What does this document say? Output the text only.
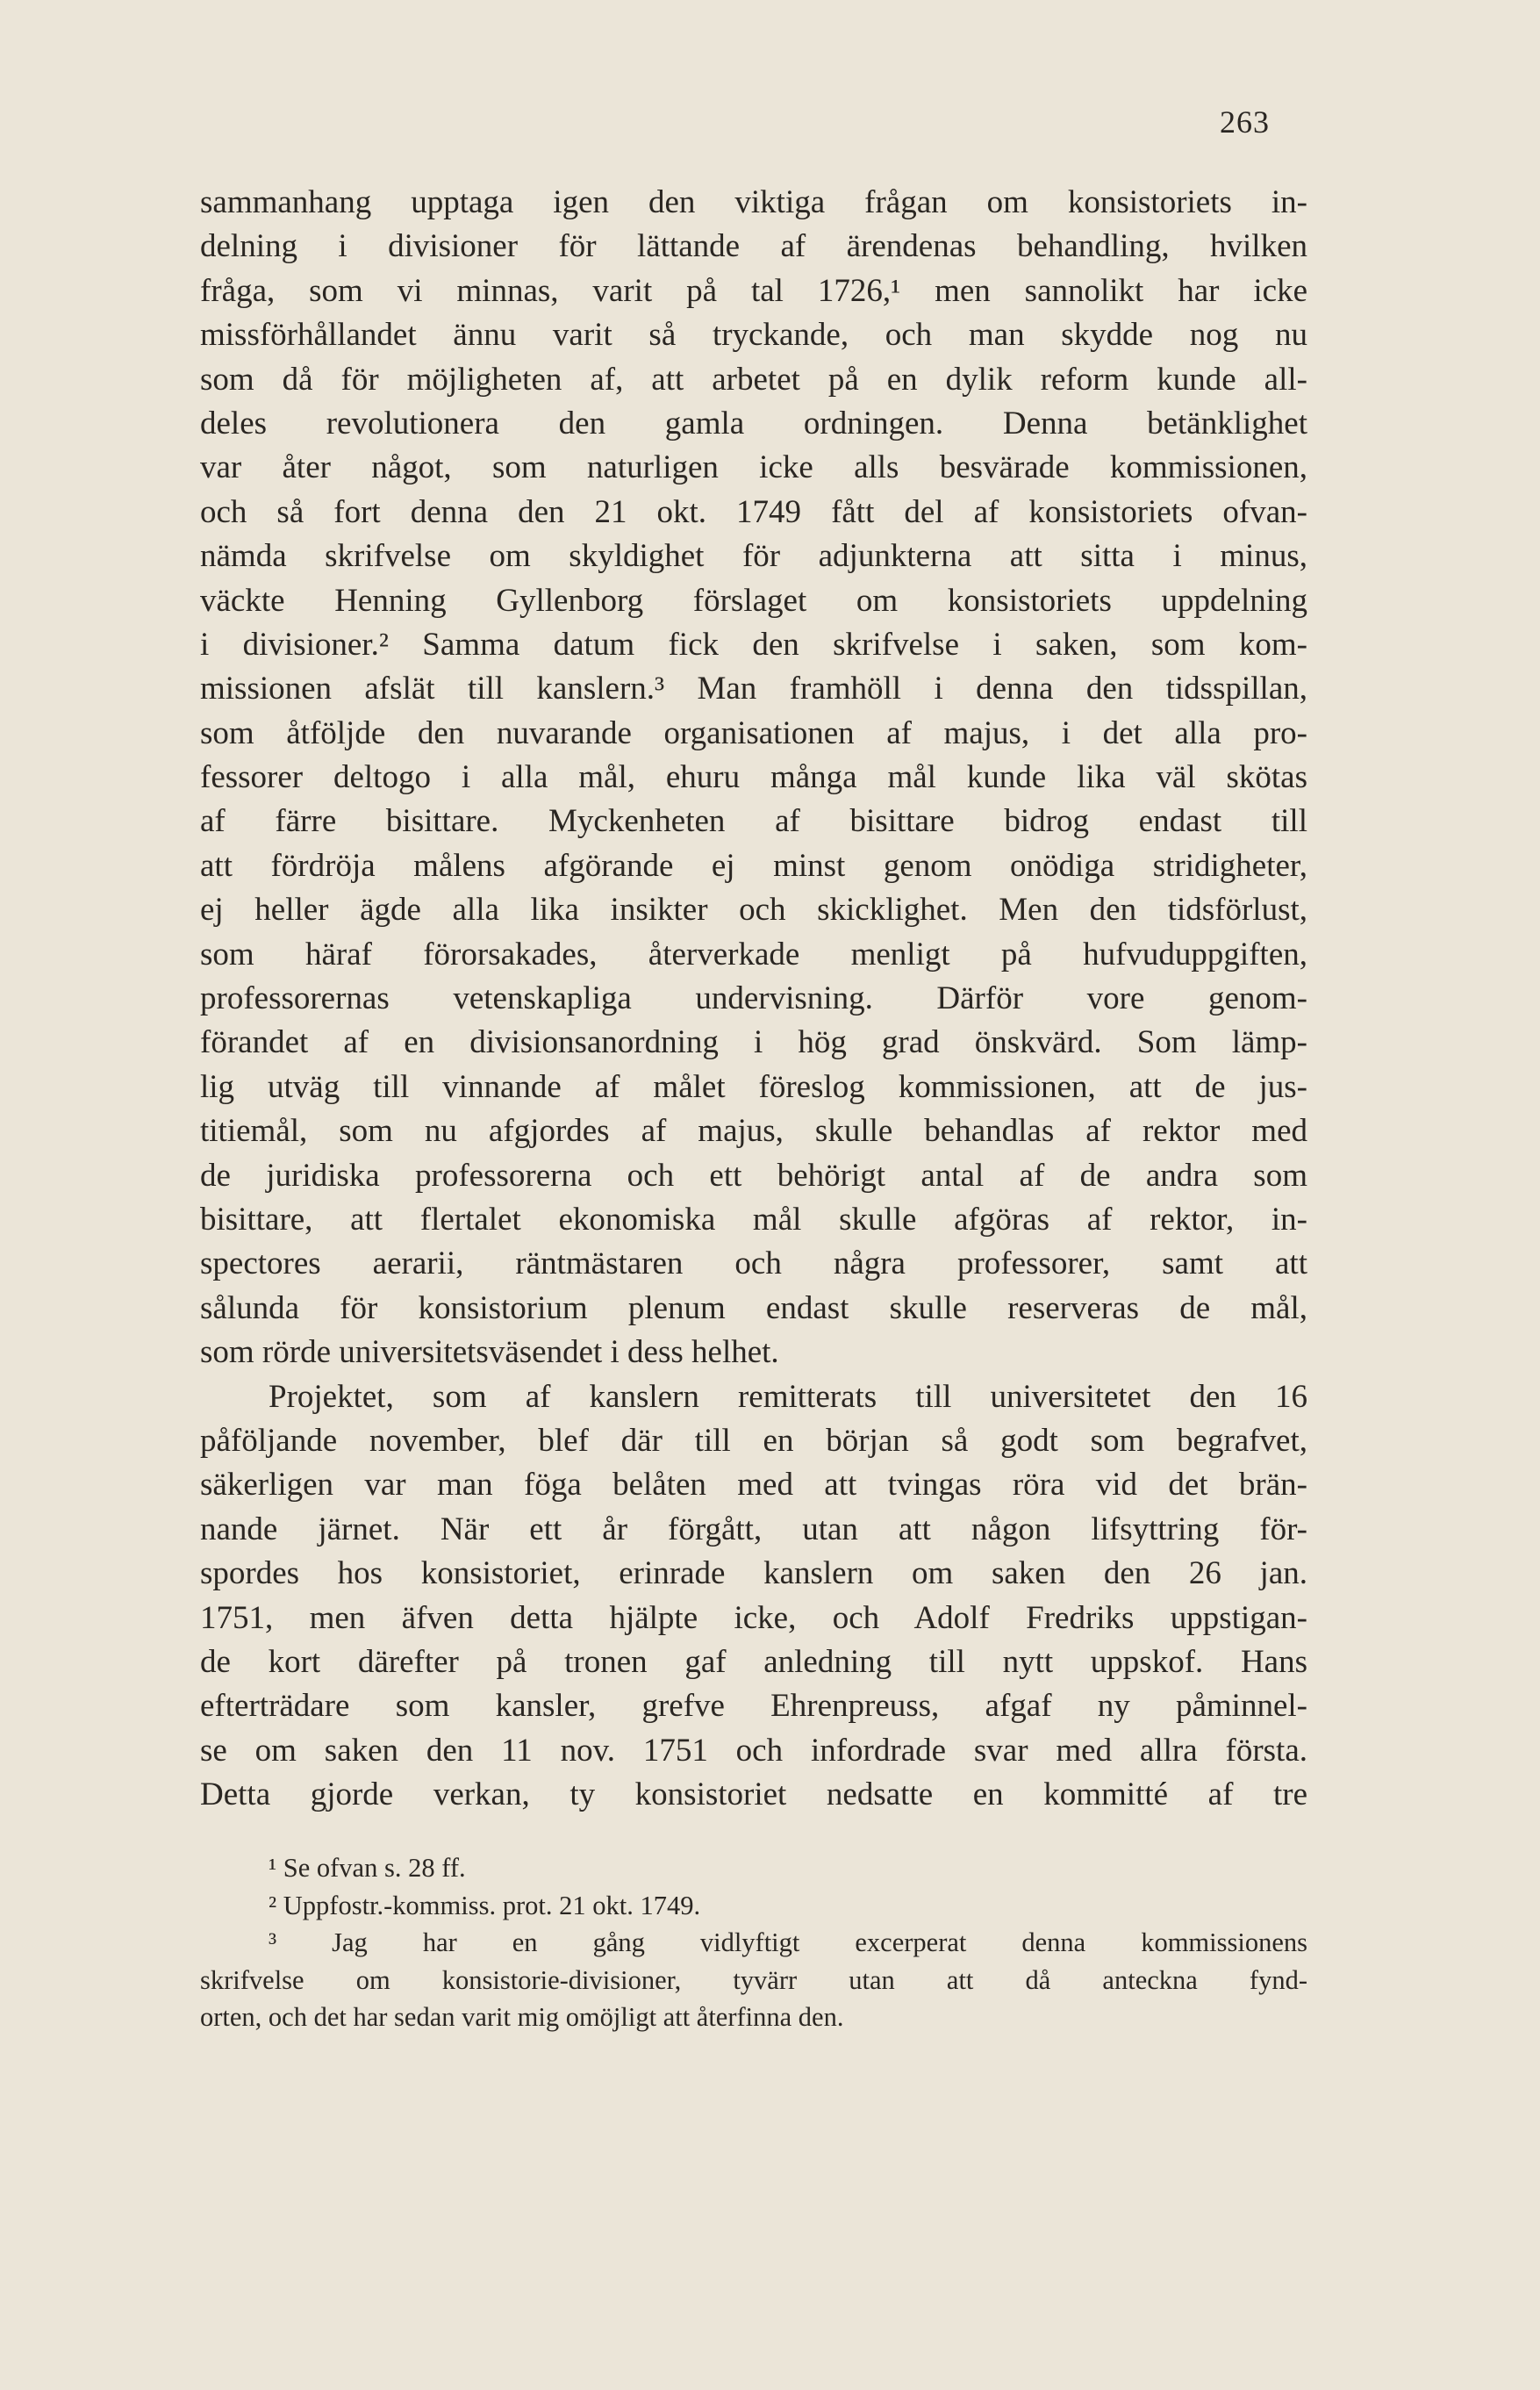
263
sammanhang upptaga igen den viktiga frågan om konsistoriets in-
delning i divisioner för lättande af ärendenas behandling, hvilken
fråga, som vi minnas, varit på tal 1726,¹ men sannolikt har icke
missförhållandet ännu varit så tryckande, och man skydde nog nu
som då för möjligheten af, att arbetet på en dylik reform kunde all-
deles revolutionera den gamla ordningen. Denna betänklighet
var åter något, som naturligen icke alls besvärade kommissionen,
och så fort denna den 21 okt. 1749 fått del af konsistoriets ofvan-
nämda skrifvelse om skyldighet för adjunkterna att sitta i minus,
väckte Henning Gyllenborg förslaget om konsistoriets uppdelning
i divisioner.² Samma datum fick den skrifvelse i saken, som kom-
missionen afslät till kanslern.³ Man framhöll i denna den tidsspillan,
som åtföljde den nuvarande organisationen af majus, i det alla pro-
fessorer deltogo i alla mål, ehuru många mål kunde lika väl skötas
af färre bisittare. Myckenheten af bisittare bidrog endast till
att fördröja målens afgörande ej minst genom onödiga stridigheter,
ej heller ägde alla lika insikter och skicklighet. Men den tidsförlust,
som häraf förorsakades, återverkade menligt på hufvuduppgiften,
professorernas vetenskapliga undervisning. Därför vore genom-
förandet af en divisionsanordning i hög grad önskvärd. Som lämp-
lig utväg till vinnande af målet föreslog kommissionen, att de jus-
titiemål, som nu afgjordes af majus, skulle behandlas af rektor med
de juridiska professorerna och ett behörigt antal af de andra som
bisittare, att flertalet ekonomiska mål skulle afgöras af rektor, in-
spectores aerarii, räntmästaren och några professorer, samt att
sålunda för konsistorium plenum endast skulle reserveras de mål,
som rörde universitetsväsendet i dess helhet.
Projektet, som af kanslern remitterats till universitetet den 16
påföljande november, blef där till en början så godt som begrafvet,
säkerligen var man föga belåten med att tvingas röra vid det brän-
nande järnet. När ett år förgått, utan att någon lifsyttring för-
spordes hos konsistoriet, erinrade kanslern om saken den 26 jan.
1751, men äfven detta hjälpte icke, och Adolf Fredriks uppstigan-
de kort därefter på tronen gaf anledning till nytt uppskof. Hans
efterträdare som kansler, grefve Ehrenpreuss, afgaf ny påminnel-
se om saken den 11 nov. 1751 och infordrade svar med allra första.
Detta gjorde verkan, ty konsistoriet nedsatte en kommitté af tre
¹ Se ofvan s. 28 ff.
² Uppfostr.-kommiss. prot. 21 okt. 1749.
³ Jag har en gång vidlyftigt excerperat denna kommissionens
skrifvelse om konsistorie-divisioner, tyvärr utan att då anteckna fynd-
orten, och det har sedan varit mig omöjligt att återfinna den.
